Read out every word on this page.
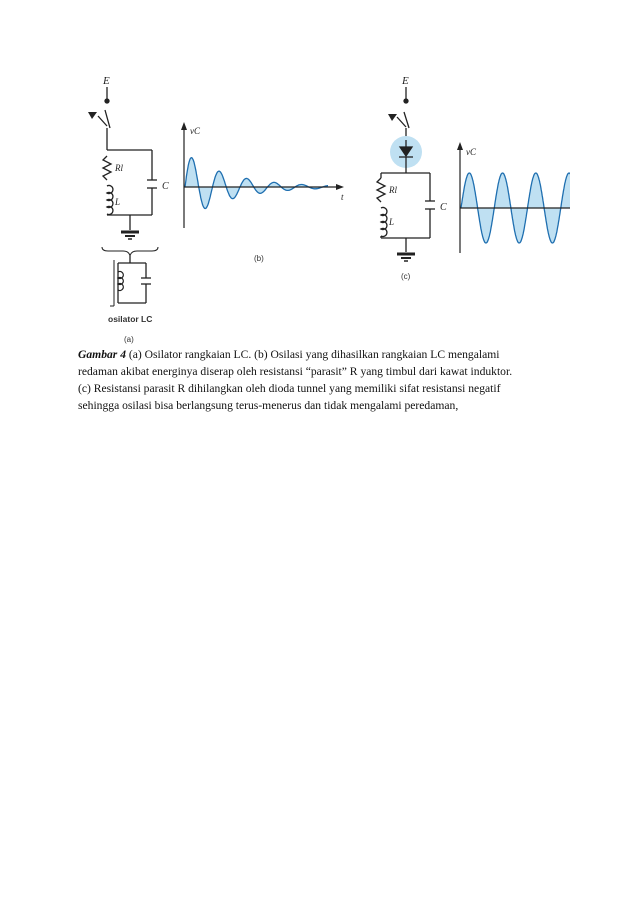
E
Rl
L
C
osilator LC
(a)
vC
t
(b)
E
Rl
L
C
(c)
vC

Gambar 4 (a) Osilator rangkaian LC. (b) Osilasi yang dihasilkan rangkaian LC mengalami

redaman akibat energinya diserap oleh resistansi “parasit” R yang timbul dari kawat induktor.

(c) Resistansi parasit R dihilangkan oleh dioda tunnel yang memiliki sifat resistansi negatif

sehingga osilasi bisa berlangsung terus-menerus dan tidak mengalami peredaman,
